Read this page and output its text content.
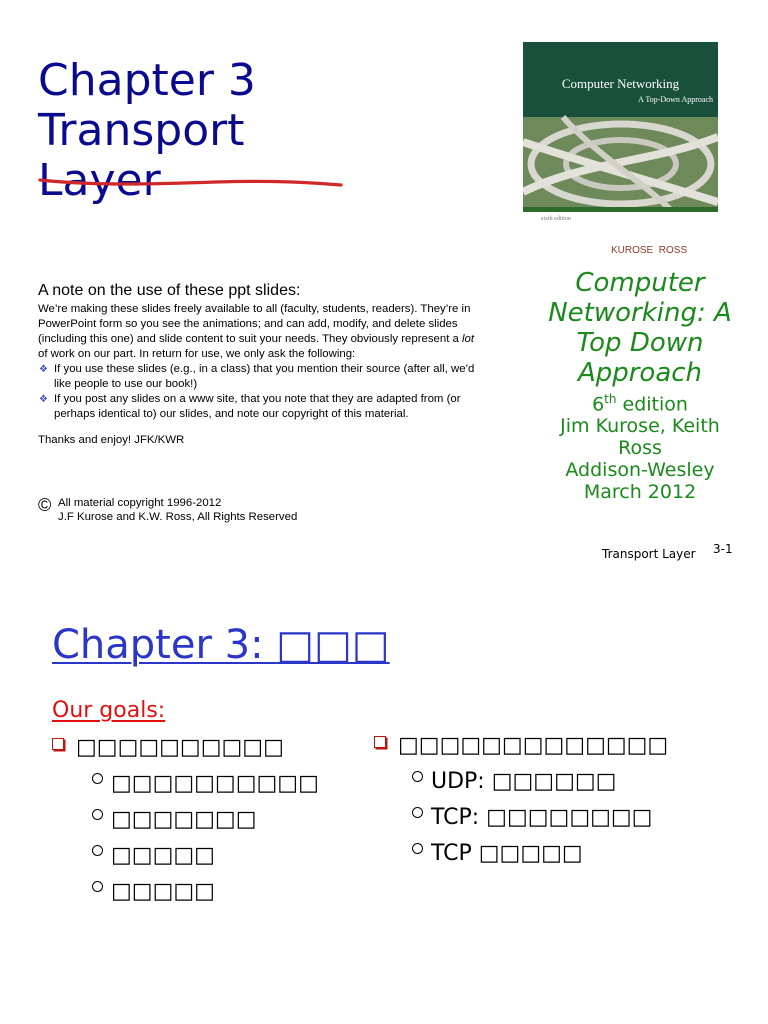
Chapter 3
Transport
Layer
Computer Networking
A Top-Down Approach
sixth edition
KUROSE  ROSS
A note on the use of these ppt slides:

We’re making these slides freely available to all (faculty, students, readers). They’re in PowerPoint form so you see the animations; and can add, modify, and delete slides (including this one) and slide content to suit your needs. They obviously represent a lot of work on our part. In return for use, we only ask the following:

❖ If you use these slides (e.g., in a class) that you mention their source (after all, we’d like people to use our book!)
❖ If you post any slides on a www site, that you note that they are adapted from (or perhaps identical to) our slides, and note our copyright of this material.

Thanks and enjoy! JFK/KWR

© All material copyright 1996-2012
J.F Kurose and K.W. Ross, All Rights Reserved
Computer
Networking: A
Top Down
Approach
6th edition
Jim Kurose, Keith
Ross
Addison-Wesley
March 2012
Transport Layer 3-1
Chapter 3: □□□
Our goals:
□□□□□□□□□□
□□□□□□□□□□
□□□□□□□
□□□□□
□□□□□
□□□□□□□□□□□□□
UDP: □□□□□□
TCP: □□□□□□□□
TCP □□□□□
